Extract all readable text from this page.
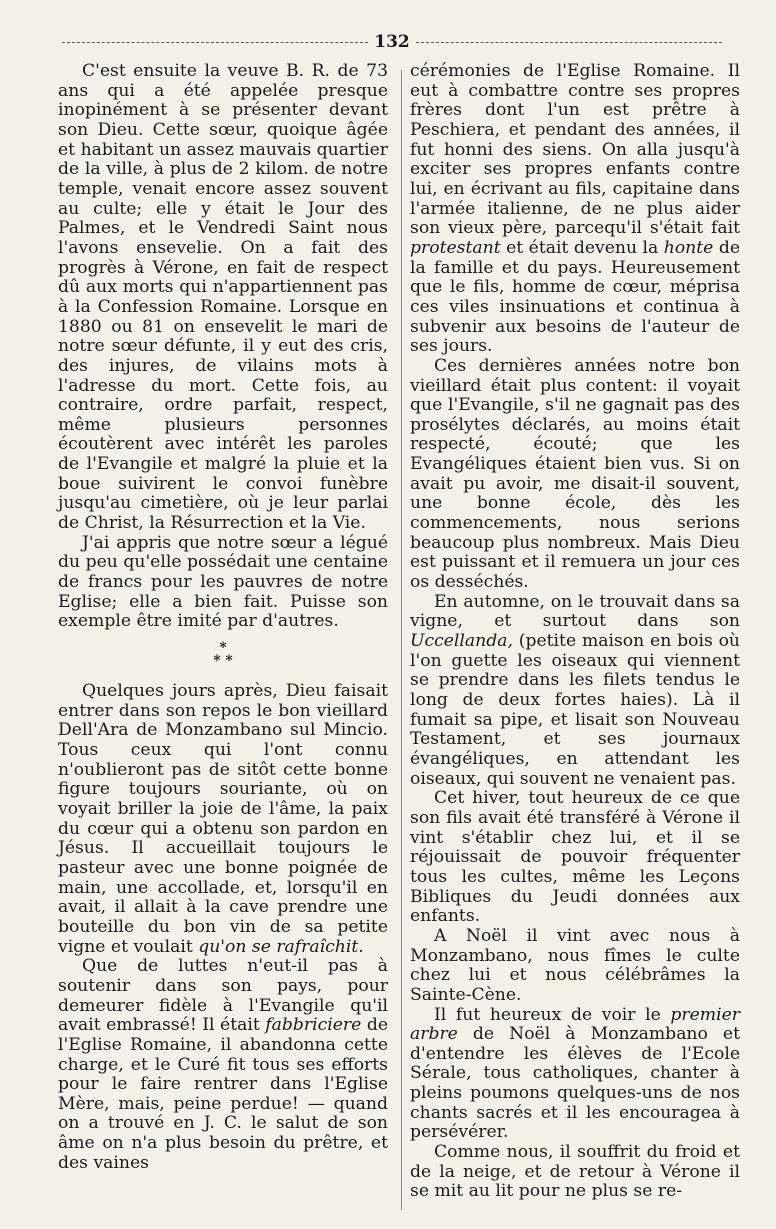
132

C'est ensuite la veuve B. R. de 73 ans qui a été appelée presque inopinément à se présenter devant son Dieu. Cette sœur, quoique âgée et habitant un assez mauvais quartier de la ville, à plus de 2 kilom. de notre temple, venait encore assez souvent au culte; elle y était le Jour des Palmes, et le Vendredi Saint nous l'avons ensevelie. On a fait des progrès à Vérone, en fait de respect dû aux morts qui n'appartiennent pas à la Confession Romaine. Lorsque en 1880 ou 81 on ensevelit le mari de notre sœur défunte, il y eut des cris, des injures, de vilains mots à l'adresse du mort. Cette fois, au contraire, ordre parfait, respect, même plusieurs personnes écoutèrent avec intérêt les paroles de l'Evangile et malgré la pluie et la boue suivirent le convoi funèbre jusqu'au cimetière, où je leur parlai de Christ, la Résurrection et la Vie.

J'ai appris que notre sœur a légué du peu qu'elle possédait une centaine de francs pour les pauvres de notre Eglise; elle a bien fait. Puisse son exemple être imité par d'autres.

*
* *

Quelques jours après, Dieu faisait entrer dans son repos le bon vieillard Dell'Ara de Monzambano sul Mincio. Tous ceux qui l'ont connu n'oublieront pas de sitôt cette bonne figure toujours souriante, où on voyait briller la joie de l'âme, la paix du cœur qui a obtenu son pardon en Jésus. Il accueillait toujours le pasteur avec une bonne poignée de main, une accollade, et, lorsqu'il en avait, il allait à la cave prendre une bouteille du bon vin de sa petite vigne et voulait qu'on se rafraîchit.

Que de luttes n'eut-il pas à soutenir dans son pays, pour demeurer fidèle à l'Evangile qu'il avait embrassé! Il était fabbriciere de l'Eglise Romaine, il abandonna cette charge, et le Curé fit tous ses efforts pour le faire rentrer dans l'Eglise Mère, mais, peine perdue! — quand on a trouvé en J. C. le salut de son âme on n'a plus besoin du prêtre, et des vaines

cérémonies de l'Eglise Romaine. Il eut à combattre contre ses propres frères dont l'un est prêtre à Peschiera, et pendant des années, il fut honni des siens. On alla jusqu'à exciter ses propres enfants contre lui, en écrivant au fils, capitaine dans l'armée italienne, de ne plus aider son vieux père, parcequ'il s'était fait protestant et était devenu la honte de la famille et du pays. Heureusement que le fils, homme de cœur, méprisa ces viles insinuations et continua à subvenir aux besoins de l'auteur de ses jours.

Ces dernières années notre bon vieillard était plus content: il voyait que l'Evangile, s'il ne gagnait pas des prosélytes déclarés, au moins était respecté, écouté; que les Evangéliques étaient bien vus. Si on avait pu avoir, me disait-il souvent, une bonne école, dès les commencements, nous serions beaucoup plus nombreux. Mais Dieu est puissant et il remuera un jour ces os desséchés.

En automne, on le trouvait dans sa vigne, et surtout dans son Uccellanda, (petite maison en bois où l'on guette les oiseaux qui viennent se prendre dans les filets tendus le long de deux fortes haies). Là il fumait sa pipe, et lisait son Nouveau Testament, et ses journaux évangéliques, en attendant les oiseaux, qui souvent ne venaient pas.

Cet hiver, tout heureux de ce que son fils avait été transféré à Vérone il vint s'établir chez lui, et il se réjouissait de pouvoir fréquenter tous les cultes, même les Leçons Bibliques du Jeudi données aux enfants.

A Noël il vint avec nous à Monzambano, nous fîmes le culte chez lui et nous célébrâmes la Sainte-Cène.

Il fut heureux de voir le premier arbre de Noël à Monzambano et d'entendre les élèves de l'Ecole Sérale, tous catholiques, chanter à pleins poumons quelques-uns de nos chants sacrés et il les encouragea à persévérer.

Comme nous, il souffrit du froid et de la neige, et de retour à Vérone il se mit au lit pour ne plus se re-
